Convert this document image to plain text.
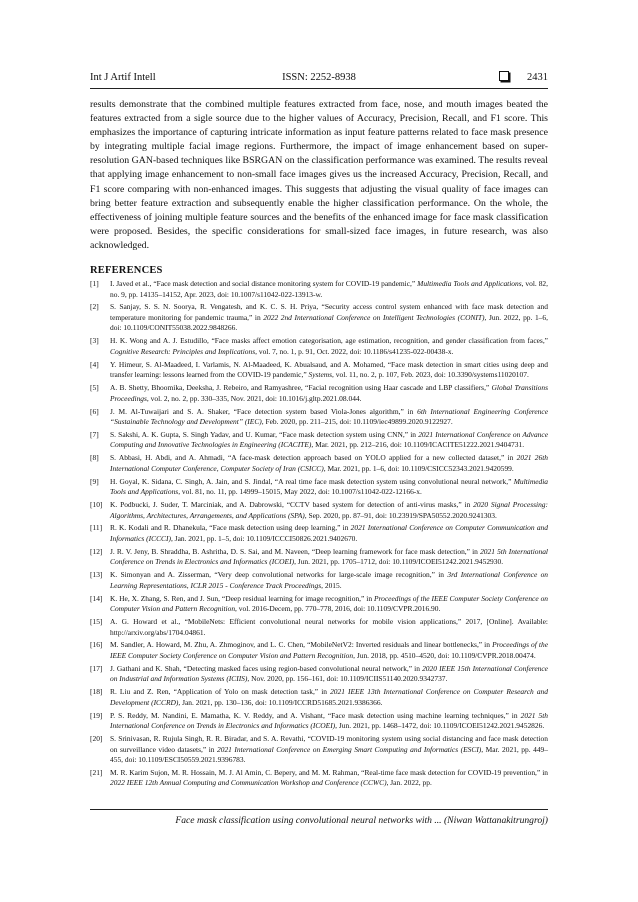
Int J Artif Intell	ISSN: 2252-8938	2431

results demonstrate that the combined multiple features extracted from face, nose, and mouth images beated the features extracted from a sigle source due to the higher values of Accuracy, Precision, Recall, and F1 score. This emphasizes the importance of capturing intricate information as input feature patterns related to face mask presence by integrating multiple facial image regions. Furthermore, the impact of image enhancement based on super-resolution GAN-based techniques like BSRGAN on the classification performance was examined. The results reveal that applying image enhancement to non-small face images gives us the increased Accuracy, Precision, Recall, and F1 score comparing with non-enhanced images. This suggests that adjusting the visual quality of face images can bring better feature extraction and subsequently enable the higher classification performance. On the whole, the effectiveness of joining multiple feature sources and the benefits of the enhanced image for face mask classification were proposed. Besides, the specific considerations for small-sized face images, in future research, was also acknowledged.

REFERENCES
[1] I. Javed et al., “Face mask detection and social distance monitoring system for COVID-19 pandemic,” Multimedia Tools and Applications, vol. 82, no. 9, pp. 14135–14152, Apr. 2023, doi: 10.1007/s11042-022-13913-w.
[2] S. Sanjay, S. S. N. Soorya, R. Vengatesh, and K. C. S. H. Priya, “Security access control system enhanced with face mask detection and temperature monitoring for pandemic trauma,” in 2022 2nd International Conference on Intelligent Technologies (CONIT), Jun. 2022, pp. 1–6, doi: 10.1109/CONIT55038.2022.9848266.
[3] H. K. Wong and A. J. Estudillo, “Face masks affect emotion categorisation, age estimation, recognition, and gender classification from faces,” Cognitive Research: Principles and Implications, vol. 7, no. 1, p. 91, Oct. 2022, doi: 10.1186/s41235-022-00438-x.
[4] Y. Himeur, S. Al-Maadeed, I. Varlamis, N. Al-Maadeed, K. Abualsaud, and A. Mohamed, “Face mask detection in smart cities using deep and transfer learning: lessons learned from the COVID-19 pandemic,” Systems, vol. 11, no. 2, p. 107, Feb. 2023, doi: 10.3390/systems11020107.
[5] A. B. Shetty, Bhoomika, Deeksha, J. Rebeiro, and Ramyashree, “Facial recognition using Haar cascade and LBP classifiers,” Global Transitions Proceedings, vol. 2, no. 2, pp. 330–335, Nov. 2021, doi: 10.1016/j.gltp.2021.08.044.
[6] J. M. Al-Tuwaijari and S. A. Shaker, “Face detection system based Viola-Jones algorithm,” in 6th International Engineering Conference “Sustainable Technology and Development” (IEC), Feb. 2020, pp. 211–215, doi: 10.1109/iec49899.2020.9122927.
[7] S. Sakshi, A. K. Gupta, S. Singh Yadav, and U. Kumar, “Face mask detection system using CNN,” in 2021 International Conference on Advance Computing and Innovative Technologies in Engineering (ICACITE), Mar. 2021, pp. 212–216, doi: 10.1109/ICACITE51222.2021.9404731.
[8] S. Abbasi, H. Abdi, and A. Ahmadi, “A face-mask detection approach based on YOLO applied for a new collected dataset,” in 2021 26th International Computer Conference, Computer Society of Iran (CSICC), Mar. 2021, pp. 1–6, doi: 10.1109/CSICC52343.2021.9420599.
[9] H. Goyal, K. Sidana, C. Singh, A. Jain, and S. Jindal, “A real time face mask detection system using convolutional neural network,” Multimedia Tools and Applications, vol. 81, no. 11, pp. 14999–15015, May 2022, doi: 10.1007/s11042-022-12166-x.
[10] K. Podbucki, J. Suder, T. Marciniak, and A. Dabrowski, “CCTV based system for detection of anti-virus masks,” in 2020 Signal Processing: Algorithms, Architectures, Arrangements, and Applications (SPA), Sep. 2020, pp. 87–91, doi: 10.23919/SPA50552.2020.9241303.
[11] R. K. Kodali and R. Dhanekula, “Face mask detection using deep learning,” in 2021 International Conference on Computer Communication and Informatics (ICCCI), Jan. 2021, pp. 1–5, doi: 10.1109/ICCCI50826.2021.9402670.
[12] J. R. V. Jeny, B. Shraddha, B. Ashritha, D. S. Sai, and M. Naveen, “Deep learning framework for face mask detection,” in 2021 5th International Conference on Trends in Electronics and Informatics (ICOEI), Jun. 2021, pp. 1705–1712, doi: 10.1109/ICOEI51242.2021.9452930.
[13] K. Simonyan and A. Zisserman, “Very deep convolutional networks for large-scale image recognition,” in 3rd International Conference on Learning Representations, ICLR 2015 - Conference Track Proceedings, 2015.
[14] K. He, X. Zhang, S. Ren, and J. Sun, “Deep residual learning for image recognition,” in Proceedings of the IEEE Computer Society Conference on Computer Vision and Pattern Recognition, vol. 2016-Decem, pp. 770–778, 2016, doi: 10.1109/CVPR.2016.90.
[15] A. G. Howard et al., “MobileNets: Efficient convolutional neural networks for mobile vision applications,” 2017, [Online]. Available: http://arxiv.org/abs/1704.04861.
[16] M. Sandler, A. Howard, M. Zhu, A. Zhmoginov, and L. C. Chen, “MobileNetV2: Inverted residuals and linear bottlenecks,” in Proceedings of the IEEE Computer Society Conference on Computer Vision and Pattern Recognition, Jun. 2018, pp. 4510–4520, doi: 10.1109/CVPR.2018.00474.
[17] J. Gathani and K. Shah, “Detecting masked faces using region-based convolutional neural network,” in 2020 IEEE 15th International Conference on Industrial and Information Systems (ICIIS), Nov. 2020, pp. 156–161, doi: 10.1109/ICIIS51140.2020.9342737.
[18] R. Liu and Z. Ren, “Application of Yolo on mask detection task,” in 2021 IEEE 13th International Conference on Computer Research and Development (ICCRD), Jan. 2021, pp. 130–136, doi: 10.1109/ICCRD51685.2021.9386366.
[19] P. S. Reddy, M. Nandini, E. Mamatha, K. V. Reddy, and A. Vishant, “Face mask detection using machine learning techniques,” in 2021 5th International Conference on Trends in Electronics and Informatics (ICOEI), Jun. 2021, pp. 1468–1472, doi: 10.1109/ICOEI51242.2021.9452826.
[20] S. Srinivasan, R. Rujula Singh, R. R. Biradar, and S. A. Revathi, “COVID-19 monitoring system using social distancing and face mask detection on surveillance video datasets,” in 2021 International Conference on Emerging Smart Computing and Informatics (ESCI), Mar. 2021, pp. 449–455, doi: 10.1109/ESCI50559.2021.9396783.
[21] M. R. Karim Sujon, M. R. Hossain, M. J. Al Amin, C. Bepery, and M. M. Rahman, “Real-time face mask detection for COVID-19 prevention,” in 2022 IEEE 12th Annual Computing and Communication Workshop and Conference (CCWC), Jan. 2022, pp.
Face mask classification using convolutional neural networks with ... (Niwan Wattanakitrungroj)
